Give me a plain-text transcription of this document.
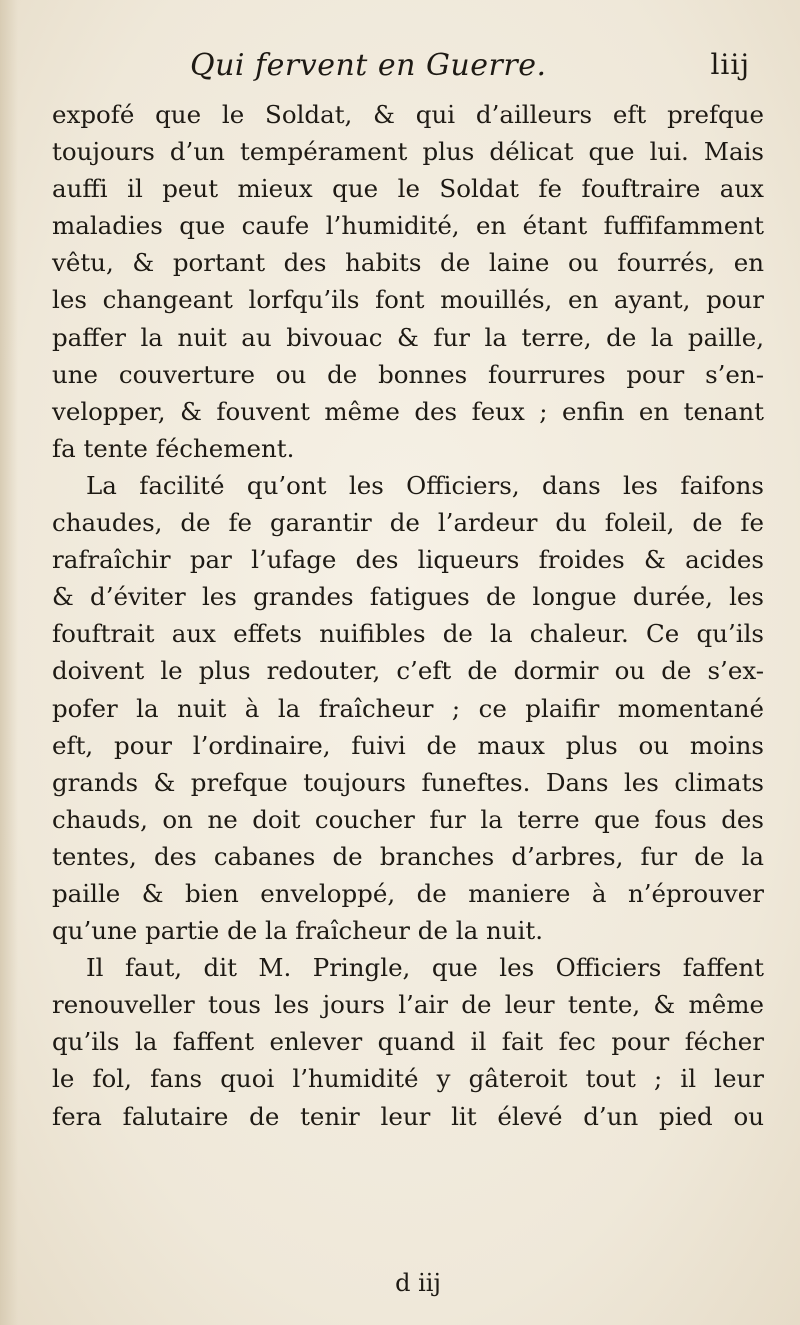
Qui fervent en Guerre.	liij
expofé que le Soldat, & qui d’ailleurs eft prefque
toujours d’un tempérament plus délicat que lui. Mais
auffi il peut mieux que le Soldat fe fouftraire aux
maladies que caufe l’humidité, en étant fuffifamment
vêtu, & portant des habits de laine ou fourrés, en
les changeant lorfqu’ils font mouillés, en ayant, pour
paffer la nuit au bivouac & fur la terre, de la paille,
une couverture ou de bonnes fourrures pour s’en-
velopper, & fouvent même des feux ; enfin en tenant
fa tente féchement.
La facilité qu’ont les Officiers, dans les faifons
chaudes, de fe garantir de l’ardeur du foleil, de fe
rafraîchir par l’ufage des liqueurs froides & acides
& d’éviter les grandes fatigues de longue durée, les
fouftrait aux effets nuifibles de la chaleur. Ce qu’ils
doivent le plus redouter, c’eft de dormir ou de s’ex-
pofer la nuit à la fraîcheur ; ce plaifir momentané
eft, pour l’ordinaire, fuivi de maux plus ou moins
grands & prefque toujours funeftes. Dans les climats
chauds, on ne doit coucher fur la terre que fous des
tentes, des cabanes de branches d’arbres, fur de la
paille & bien enveloppé, de maniere à n’éprouver
qu’une partie de la fraîcheur de la nuit.
Il faut, dit M. Pringle, que les Officiers faffent
renouveller tous les jours l’air de leur tente, & même
qu’ils la faffent enlever quand il fait fec pour fécher
le fol, fans quoi l’humidité y gâteroit tout ; il leur
fera falutaire de tenir leur lit élevé d’un pied ou
d iij
